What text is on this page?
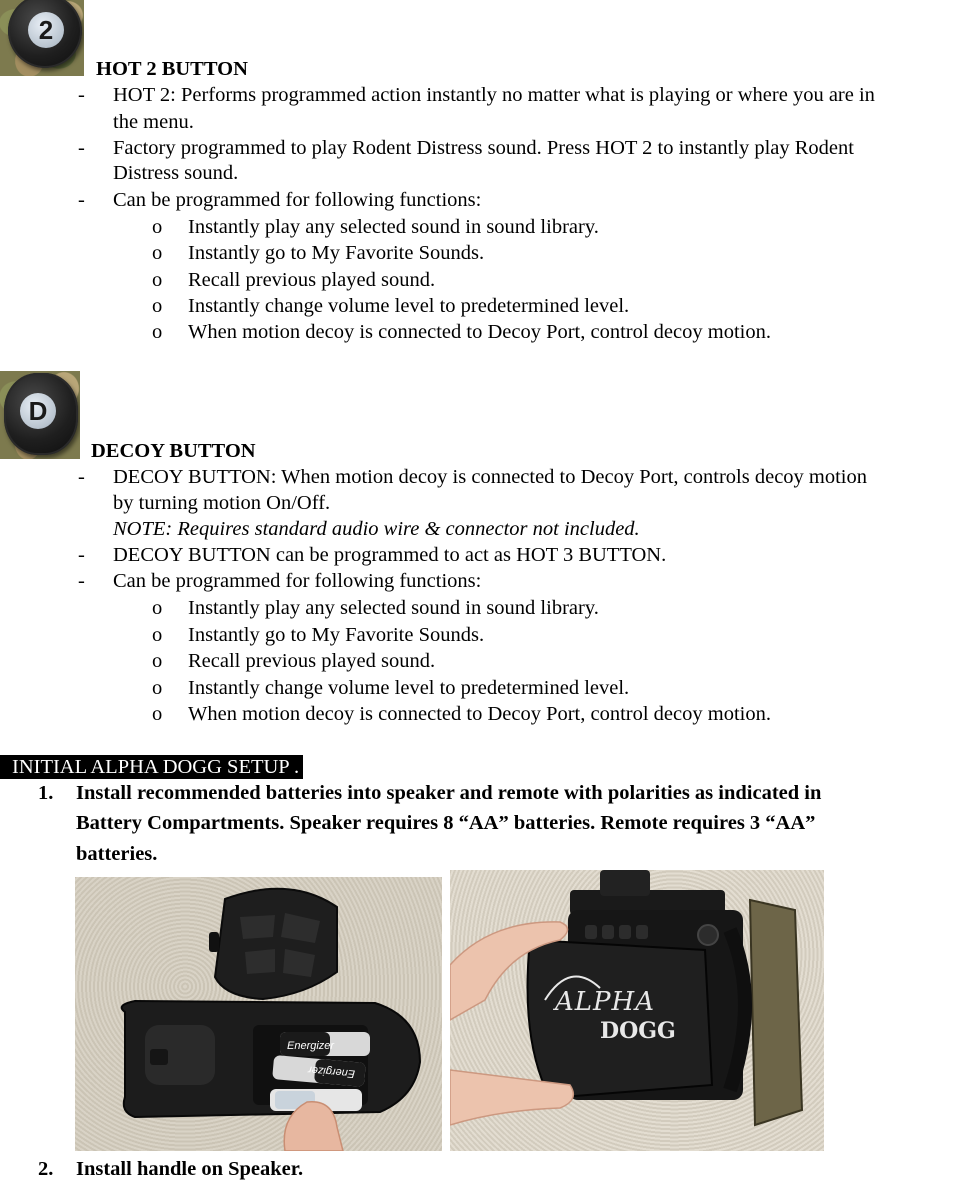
2
HOT 2 BUTTON
- HOT 2: Performs programmed action instantly no matter what is playing or where you are in
the menu.
- Factory programmed to play Rodent Distress sound. Press HOT 2 to instantly play Rodent
Distress sound.
- Can be programmed for following functions:
o Instantly play any selected sound in sound library.
o Instantly go to My Favorite Sounds.
o Recall previous played sound.
o Instantly change volume level to predetermined level.
o When motion decoy is connected to Decoy Port, control decoy motion.
D
DECOY BUTTON
- DECOY BUTTON: When motion decoy is connected to Decoy Port, controls decoy motion
by turning motion On/Off.
NOTE: Requires standard audio wire & connector not included.
- DECOY BUTTON can be programmed to act as HOT 3 BUTTON.
- Can be programmed for following functions:
o Instantly play any selected sound in sound library.
o Instantly go to My Favorite Sounds.
o Recall previous played sound.
o Instantly change volume level to predetermined level.
o When motion decoy is connected to Decoy Port, control decoy motion.
INITIAL ALPHA DOGG SETUP .
1. Install recommended batteries into speaker and remote with polarities as indicated in
Battery Compartments. Speaker requires 8 “AA” batteries. Remote requires 3 “AA”
batteries.
Energizer
Energizer
ALPHA
DOGG
2. Install handle on Speaker.
